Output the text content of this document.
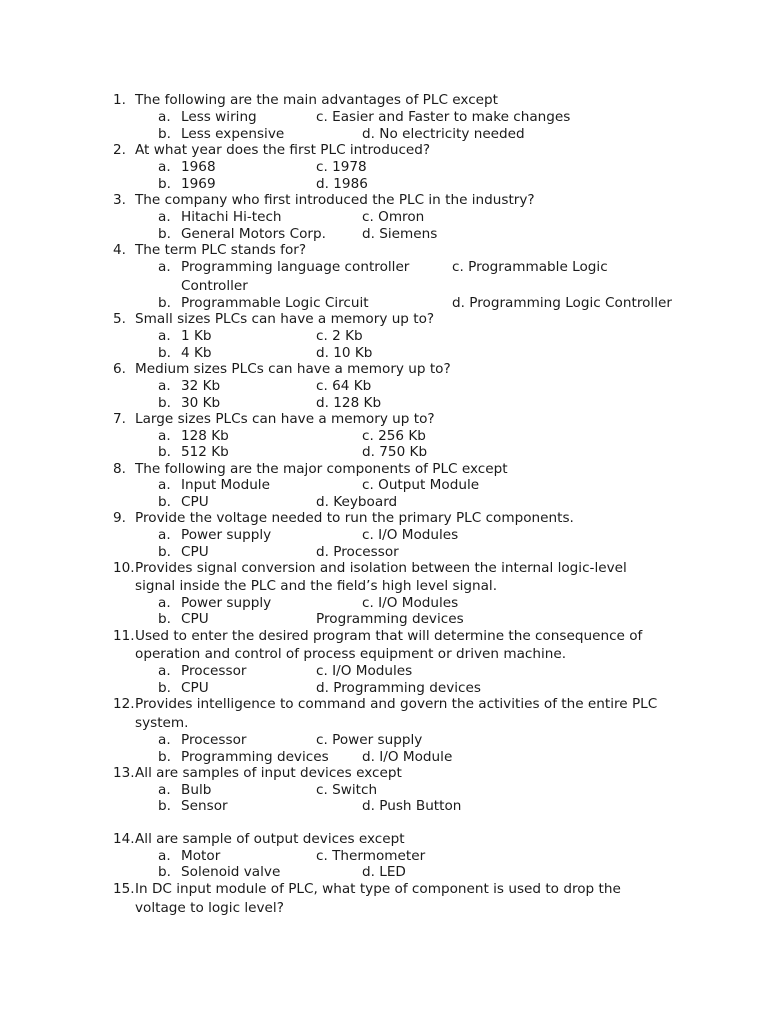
1. The following are the main advantages of PLC except
a. Less wiring	c. Easier and Faster to make changes
b. Less expensive	d. No electricity needed
2. At what year does the first PLC introduced?
a. 1968	c. 1978
b. 1969	d. 1986
3. The company who first introduced the PLC in the industry?
a. Hitachi Hi-tech	c. Omron
b. General Motors Corp.	d. Siemens
4. The term PLC stands for?
a. Programming language controller	c. Programmable Logic
Controller
b. Programmable Logic Circuit	d. Programming Logic Controller
5. Small sizes PLCs can have a memory up to?
a. 1 Kb	c. 2 Kb
b. 4 Kb	d. 10 Kb
6. Medium sizes PLCs can have a memory up to?
a. 32 Kb	c. 64 Kb
b. 30 Kb	d. 128 Kb
7. Large sizes PLCs can have a memory up to?
a. 128 Kb	c. 256 Kb
b. 512 Kb	d. 750 Kb
8. The following are the major components of PLC except
a. Input Module	c. Output Module
b. CPU	d. Keyboard
9. Provide the voltage needed to run the primary PLC components.
a. Power supply	c. I/O Modules
b. CPU	d. Processor
10. Provides signal conversion and isolation between the internal logic-level
signal inside the PLC and the field’s high level signal.
a. Power supply	c. I/O Modules
b. CPU	Programming devices
11. Used to enter the desired program that will determine the consequence of
operation and control of process equipment or driven machine.
a. Processor	c. I/O Modules
b. CPU	d. Programming devices
12. Provides intelligence to command and govern the activities of the entire PLC
system.
a. Processor	c. Power supply
b. Programming devices d. I/O Module
13. All are samples of input devices except
a. Bulb	c. Switch
b. Sensor	d. Push Button
14. All are sample of output devices except
a. Motor	c. Thermometer
b. Solenoid valve	d. LED
15. In DC input module of PLC, what type of component is used to drop the
voltage to logic level?
